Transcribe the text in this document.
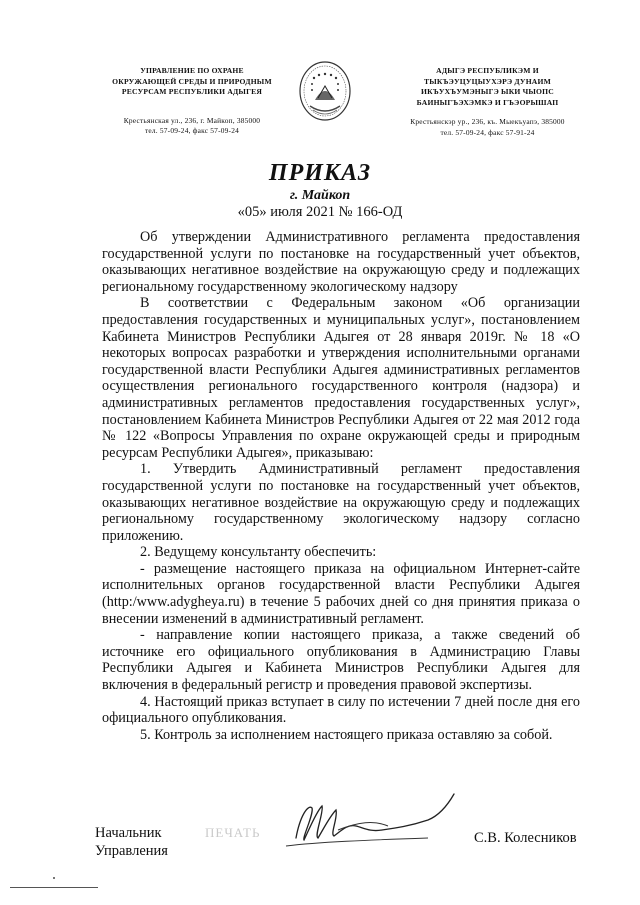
УПРАВЛЕНИЕ ПО ОХРАНЕ
ОКРУЖАЮЩЕЙ СРЕДЫ И ПРИРОДНЫМ
РЕСУРСАМ РЕСПУБЛИКИ АДЫГЕЯ
Крестьянская ул., 236, г. Майкоп, 385000
тел. 57-09-24, факс 57-09-24
АДЫГЭ РЕСПУБЛИКЭМ И
ТЫКЪЭУЦУЦЫУХЭРЭ ДУНАИМ
ИКЪУХЪУМЭНЫГЭ ЫКИ ЧЫОПС
БАИНЫГЪЭХЭМКЭ И ГЪЭОРЫШАП
Крестьянскэр ур., 236, къ. Мыекъуапэ, 385000
тел. 57-09-24, факс 57-91-24
ПРИКАЗ
г. Майкоп
«05» июля 2021 № 166-ОД

Об утверждении Административного регламента предоставления государственной услуги по постановке на государственный учет объектов, оказывающих негативное воздействие на окружающую среду и подлежащих региональному государственному экологическому надзору

В соответствии с Федеральным законом «Об организации предоставления государственных и муниципальных услуг», постановлением Кабинета Министров Республики Адыгея от 28 января 2019г. № 18 «О некоторых вопросах разработки и утверждения исполнительными органами государственной власти Республики Адыгея административных регламентов осуществления регионального государственного контроля (надзора) и административных регламентов предоставления государственных услуг», постановлением Кабинета Министров Республики Адыгея от 22 мая 2012 года № 122 «Вопросы Управления по охране окружающей среды и природным ресурсам Республики Адыгея», приказываю:

1. Утвердить Административный регламент предоставления государственной услуги по постановке на государственный учет объектов, оказывающих негативное воздействие на окружающую среду и подлежащих региональному государственному экологическому надзору согласно приложению.

2. Ведущему консультанту обеспечить:

- размещение настоящего приказа на официальном Интернет-сайте исполнительных органов государственной власти Республики Адыгея (http:/www.adygheya.ru) в течение 5 рабочих дней со дня принятия приказа о внесении изменений в административный регламент.

- направление копии настоящего приказа, а также сведений об источнике его официального опубликования в Администрацию Главы Республики Адыгея и Кабинета Министров Республики Адыгея для включения в федеральный регистр и проведения правовой экспертизы.

4. Настоящий приказ вступает в силу по истечении 7 дней после дня его официального опубликования.

5. Контроль за исполнением настоящего приказа оставляю за собой.

Начальник
Управления
ПЕЧАТЬ	С.В. Колесников
